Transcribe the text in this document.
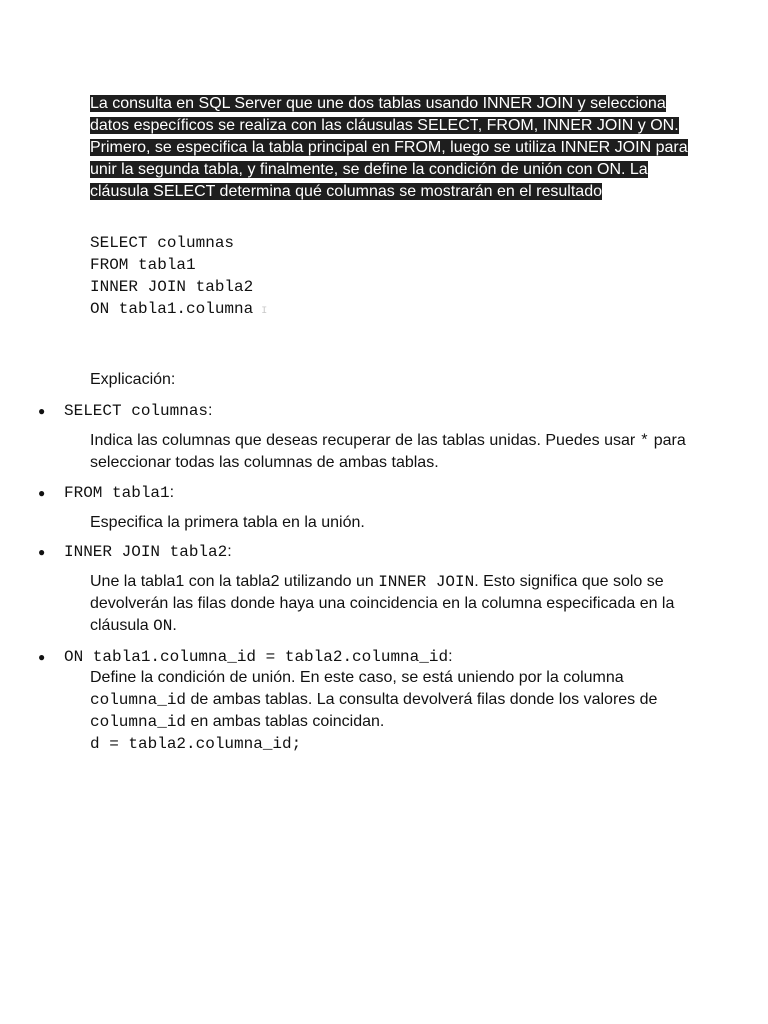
La consulta en SQL Server que une dos tablas usando INNER JOIN y selecciona datos específicos se realiza con las cláusulas SELECT, FROM, INNER JOIN y ON. Primero, se especifica la tabla principal en FROM, luego se utiliza INNER JOIN para unir la segunda tabla, y finalmente, se define la condición de unión con ON. La cláusula SELECT determina qué columnas se mostrarán en el resultado
SELECT columnas
FROM tabla1
INNER JOIN tabla2
ON tabla1.columna I
Explicación:
● SELECT columnas:
Indica las columnas que deseas recuperar de las tablas unidas. Puedes usar * para seleccionar todas las columnas de ambas tablas.
● FROM tabla1:
Especifica la primera tabla en la unión.
● INNER JOIN tabla2:
Une la tabla1 con la tabla2 utilizando un INNER JOIN. Esto significa que solo se devolverán las filas donde haya una coincidencia en la columna especificada en la cláusula ON.
● ON tabla1.columna_id = tabla2.columna_id:
Define la condición de unión. En este caso, se está uniendo por la columna columna_id de ambas tablas. La consulta devolverá filas donde los valores de columna_id en ambas tablas coincidan.
d = tabla2.columna_id;
